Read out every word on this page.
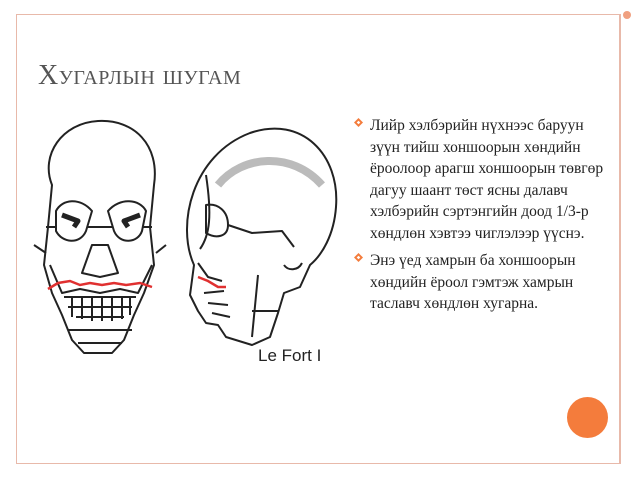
Хугарлын шугам
Le Fort I
Лийр хэлбэрийн нүхнээс баруун зүүн тийш хоншоорын хөндийн ёроолоор арагш хоншоорын төвгөр дагуу шаант төст ясны далавч хэлбэрийн сэртэнгийн доод 1/3-р хөндлөн хэвтээ чиглэлээр үүснэ.
Энэ үед хамрын ба хоншоорын хөндийн ёроол гэмтэж хамрын таславч хөндлөн хугарна.
